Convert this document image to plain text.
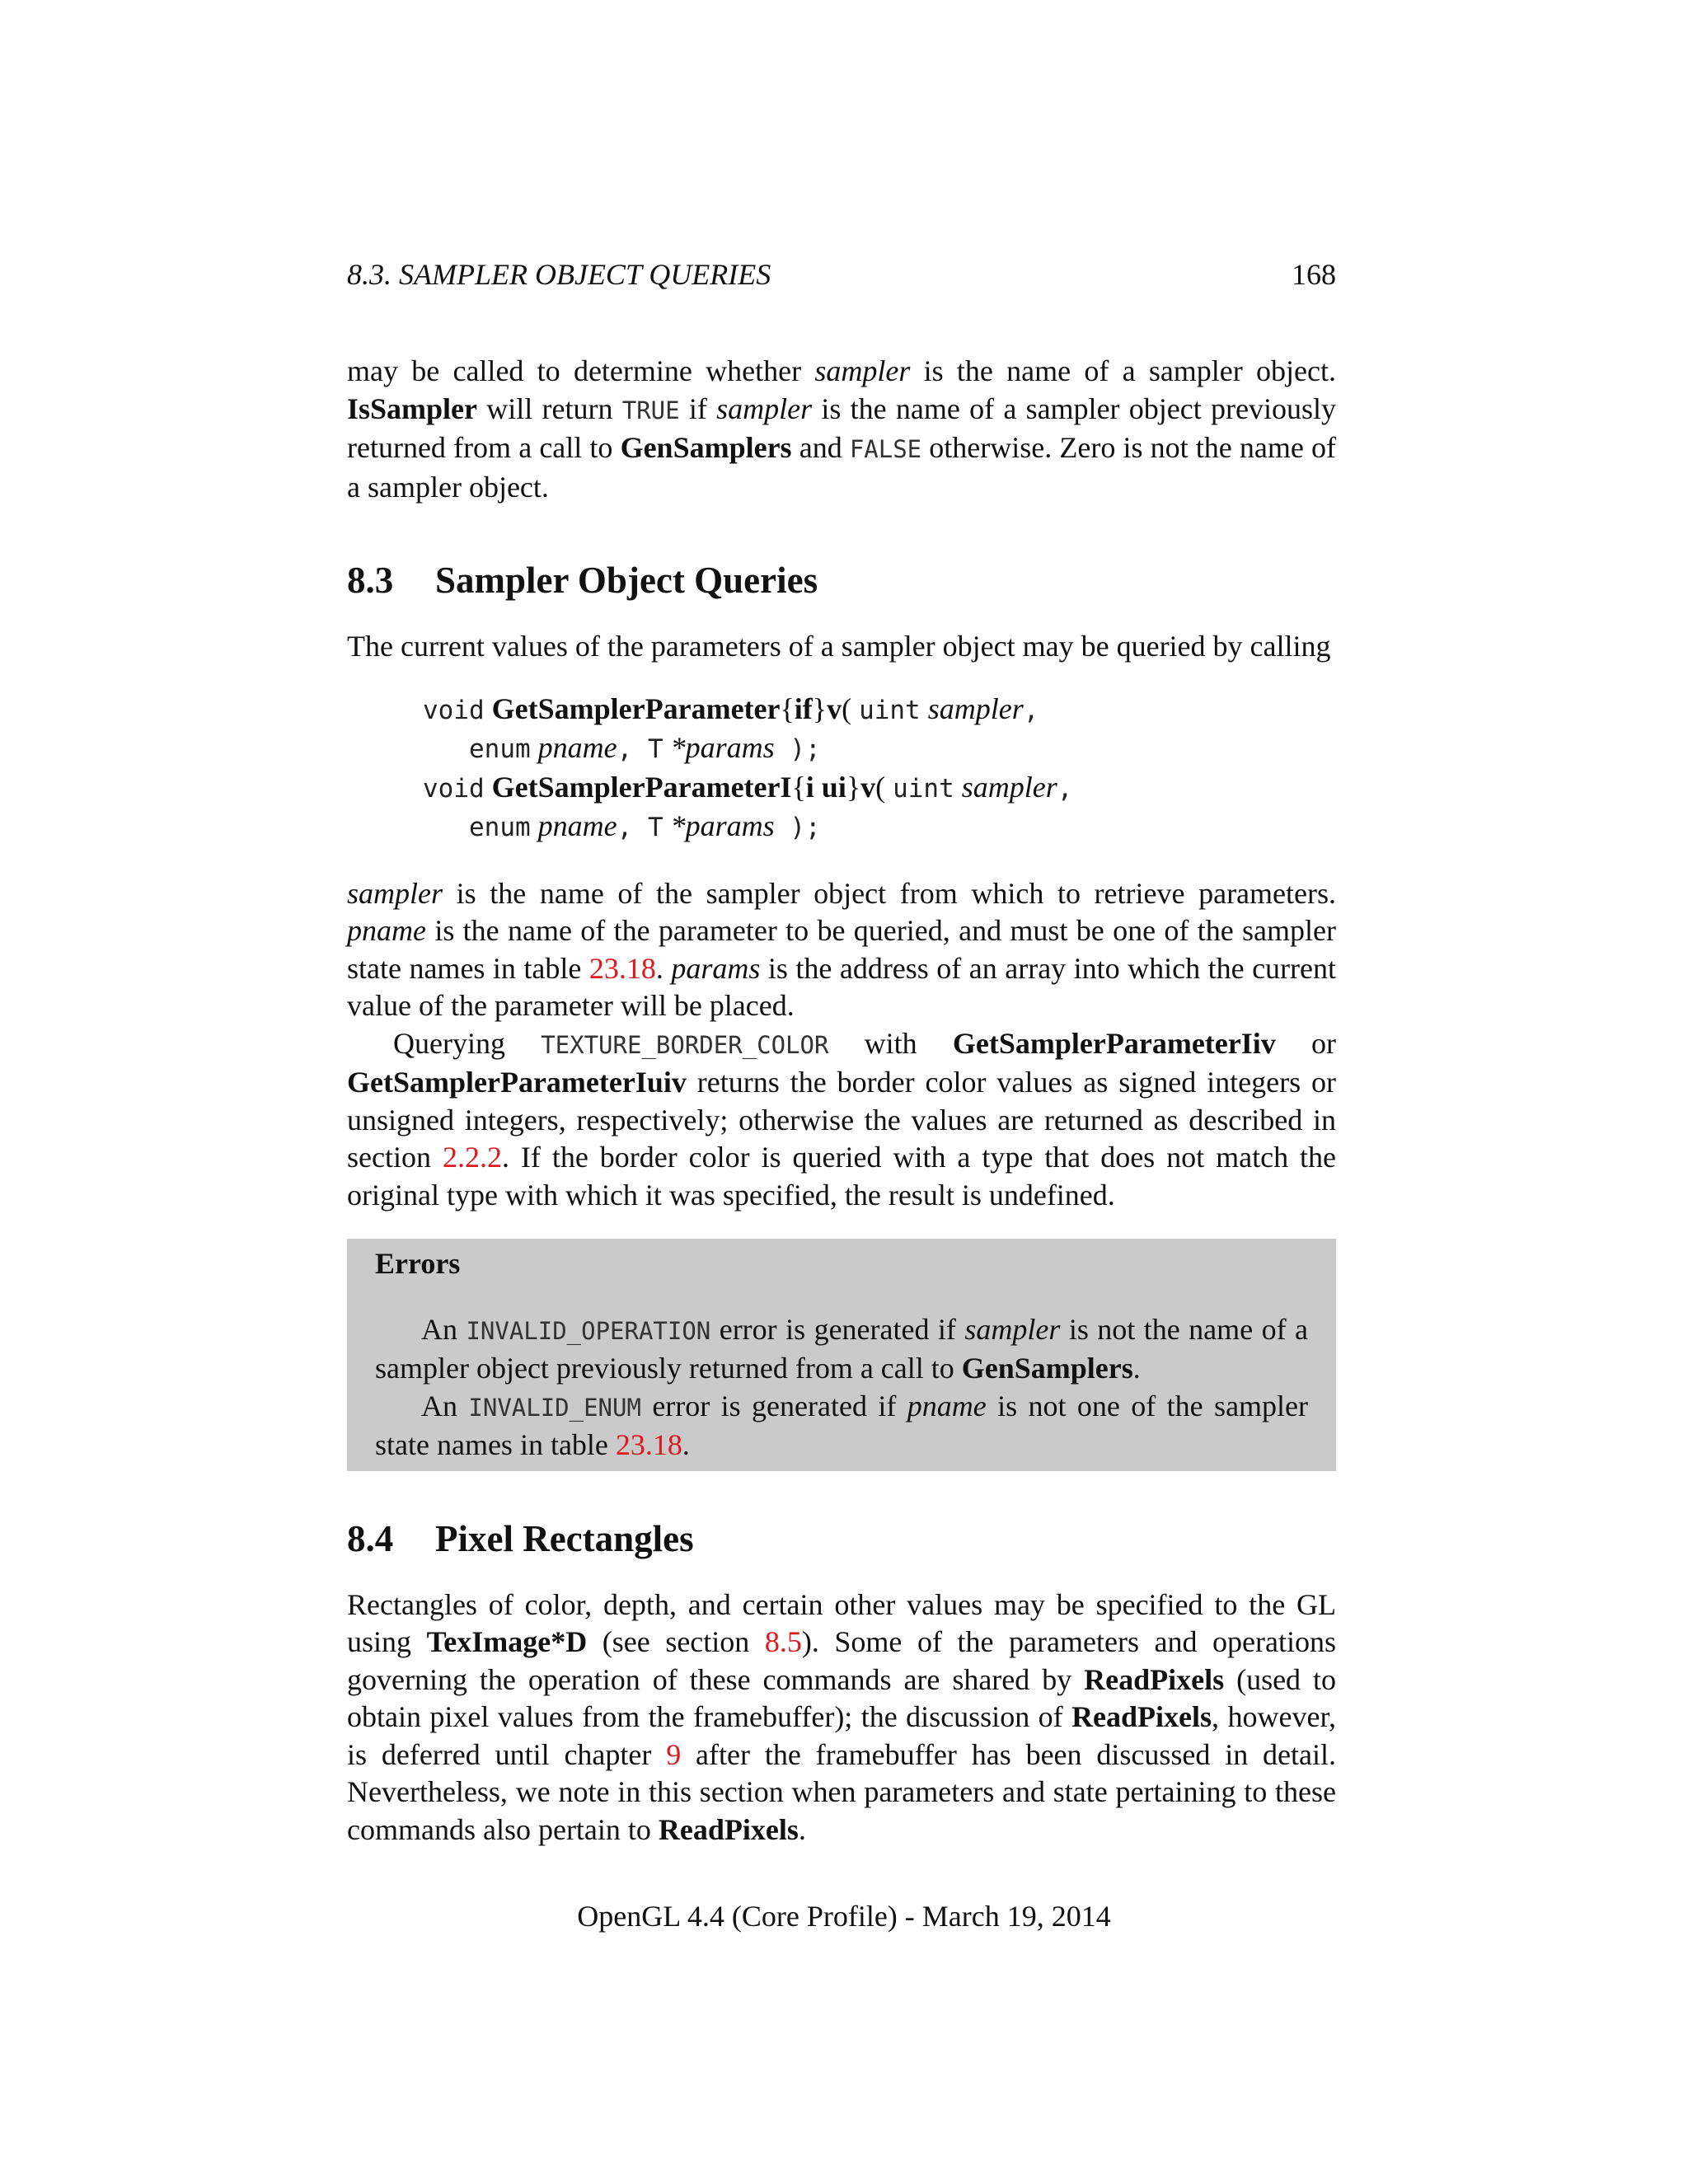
8.3. SAMPLER OBJECT QUERIES	168

may be called to determine whether sampler is the name of a sampler object. IsSampler will return TRUE if sampler is the name of a sampler object previously returned from a call to GenSamplers and FALSE otherwise. Zero is not the name of a sampler object.

8.3 Sampler Object Queries

The current values of the parameters of a sampler object may be queried by calling

void GetSamplerParameter{if}v( uint sampler,
enum pname, T *params );
void GetSamplerParameterI{i ui}v( uint sampler,
enum pname, T *params );

sampler is the name of the sampler object from which to retrieve parameters. pname is the name of the parameter to be queried, and must be one of the sampler state names in table 23.18. params is the address of an array into which the current value of the parameter will be placed.

Querying TEXTURE_BORDER_COLOR with GetSamplerParameterIiv or GetSamplerParameterIuiv returns the border color values as signed integers or unsigned integers, respectively; otherwise the values are returned as described in section 2.2.2. If the border color is queried with a type that does not match the original type with which it was specified, the result is undefined.

Errors

An INVALID_OPERATION error is generated if sampler is not the name of a sampler object previously returned from a call to GenSamplers.

An INVALID_ENUM error is generated if pname is not one of the sampler state names in table 23.18.

8.4 Pixel Rectangles

Rectangles of color, depth, and certain other values may be specified to the GL using TexImage*D (see section 8.5). Some of the parameters and operations governing the operation of these commands are shared by ReadPixels (used to obtain pixel values from the framebuffer); the discussion of ReadPixels, however, is deferred until chapter 9 after the framebuffer has been discussed in detail. Nevertheless, we note in this section when parameters and state pertaining to these commands also pertain to ReadPixels.

OpenGL 4.4 (Core Profile) - March 19, 2014
